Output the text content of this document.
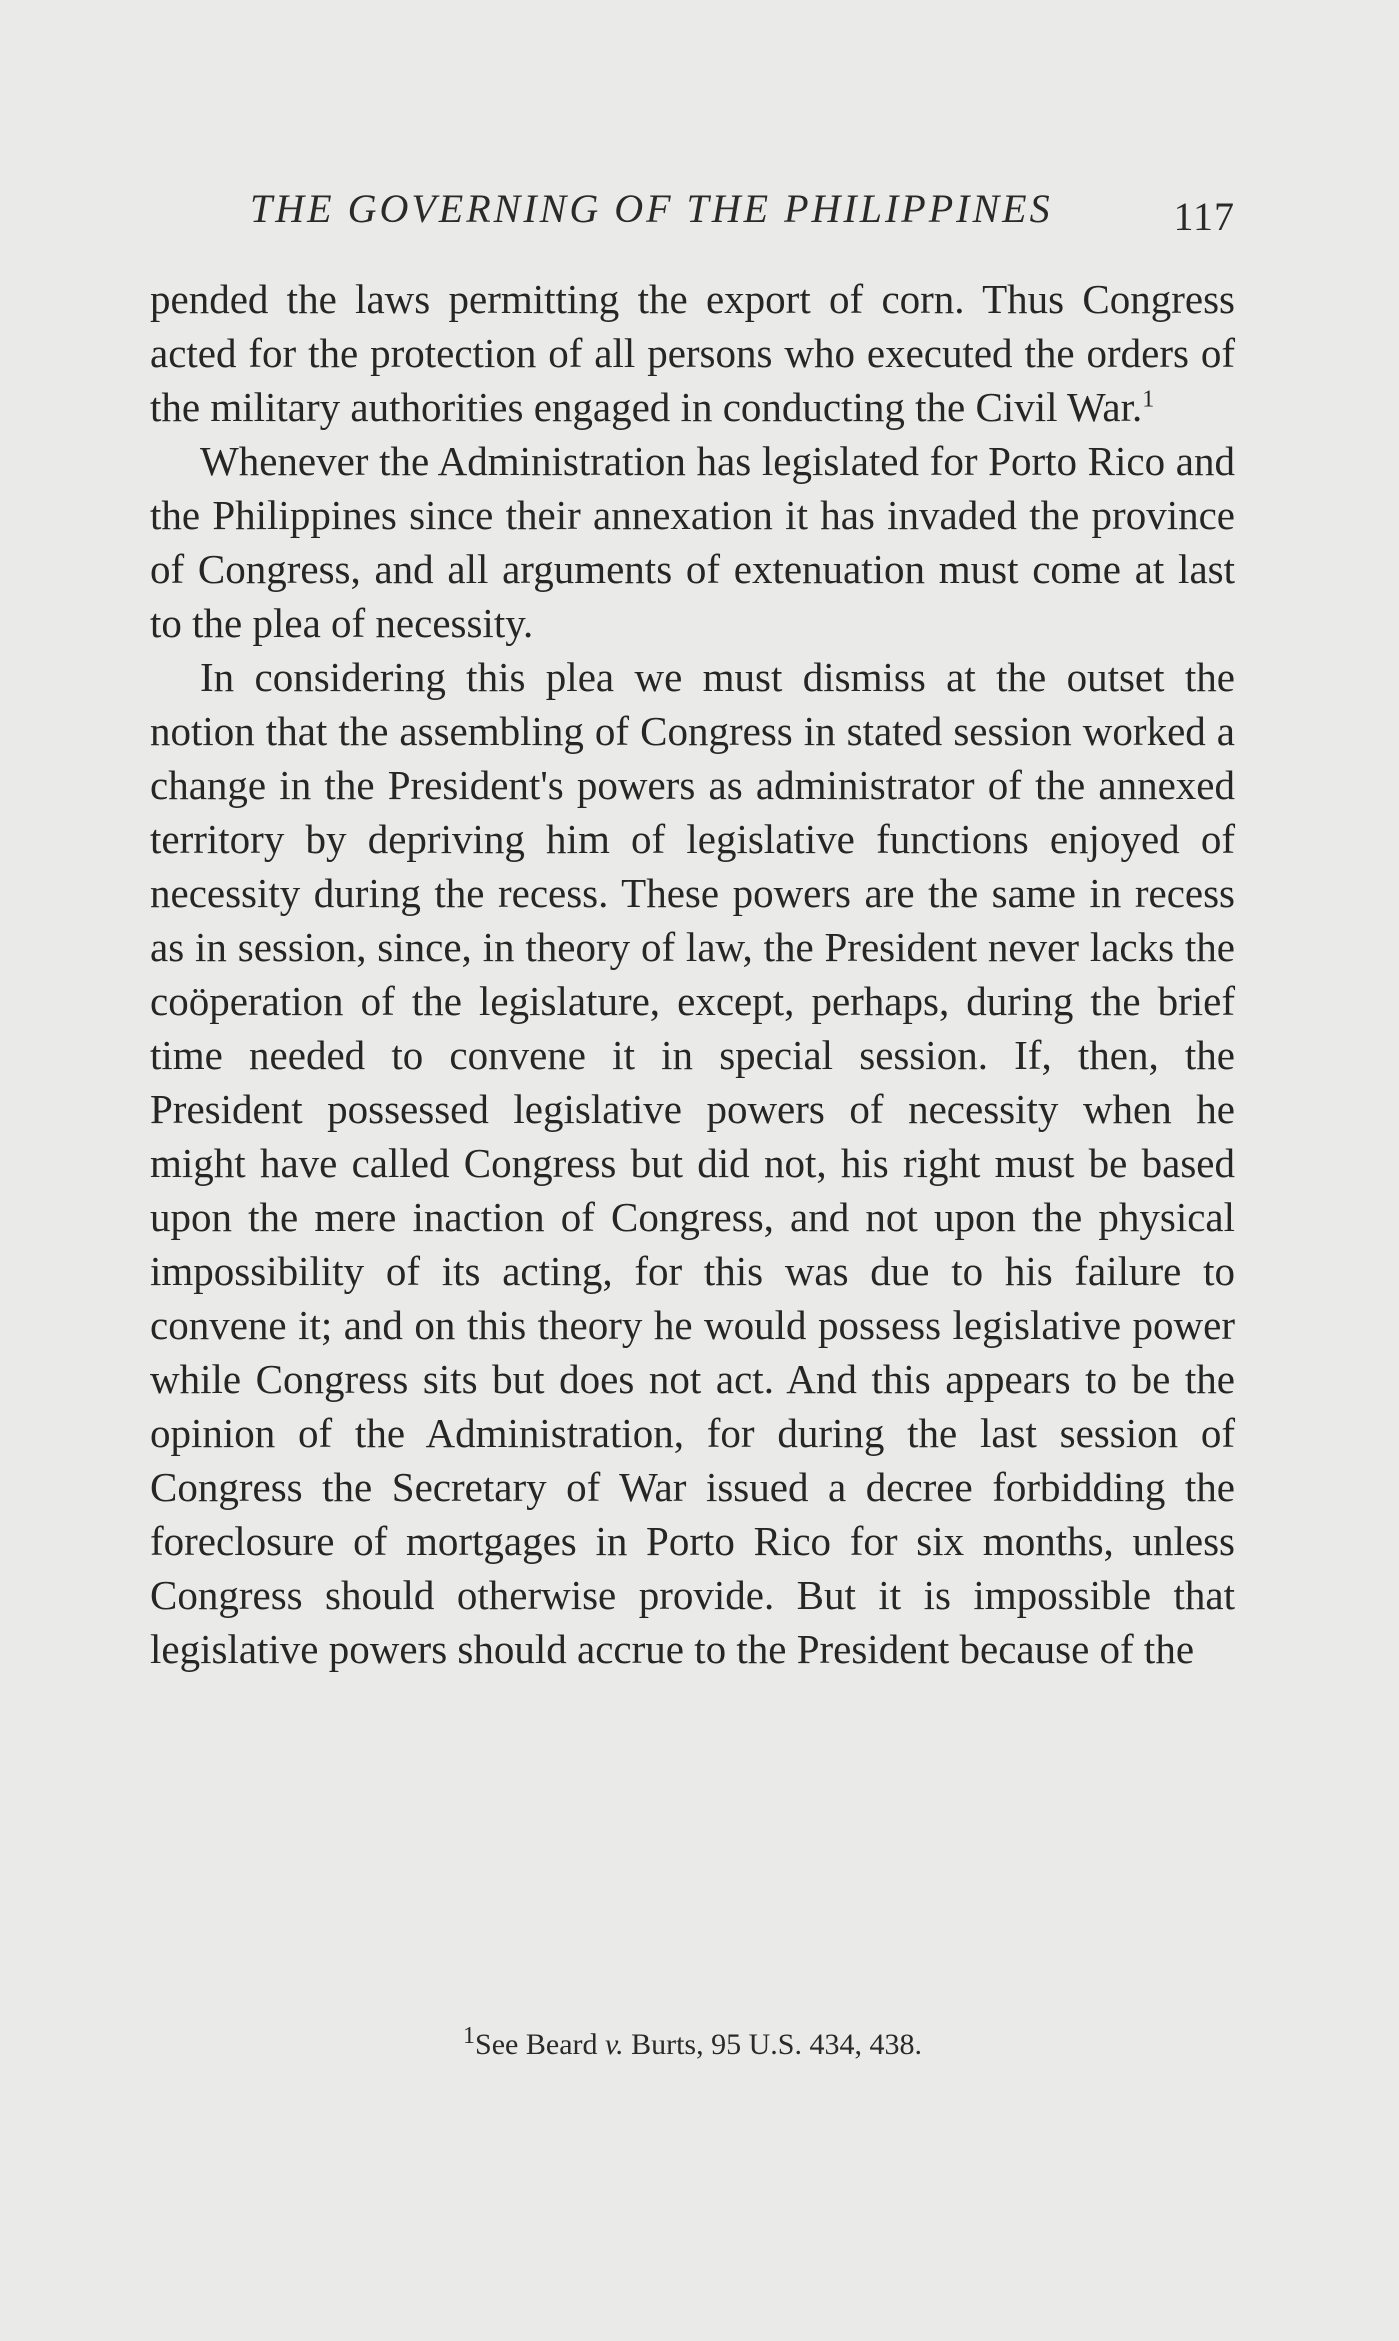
THE GOVERNING OF THE PHILIPPINES	117

pended the laws permitting the export of corn. Thus Congress acted for the protection of all persons who executed the orders of the military authorities engaged in conducting the Civil War.$^1$

Whenever the Administration has legislated for Porto Rico and the Philippines since their annexation it has invaded the province of Congress, and all arguments of extenuation must come at last to the plea of necessity.

In considering this plea we must dismiss at the outset the notion that the assembling of Congress in stated session worked a change in the President's powers as administrator of the annexed territory by depriving him of legislative functions enjoyed of necessity during the recess. These powers are the same in recess as in session, since, in theory of law, the President never lacks the coöperation of the legislature, except, perhaps, during the brief time needed to convene it in special session. If, then, the President possessed legislative powers of necessity when he might have called Congress but did not, his right must be based upon the mere inaction of Congress, and not upon the physical impossibility of its acting, for this was due to his failure to convene it; and on this theory he would possess legislative power while Congress sits but does not act. And this appears to be the opinion of the Administration, for during the last session of Congress the Secretary of War issued a decree forbidding the foreclosure of mortgages in Porto Rico for six months, unless Congress should otherwise provide. But it is impossible that legislative powers should accrue to the President because of the

$^1$See Beard v. Burts, 95 U.S. 434, 438.
